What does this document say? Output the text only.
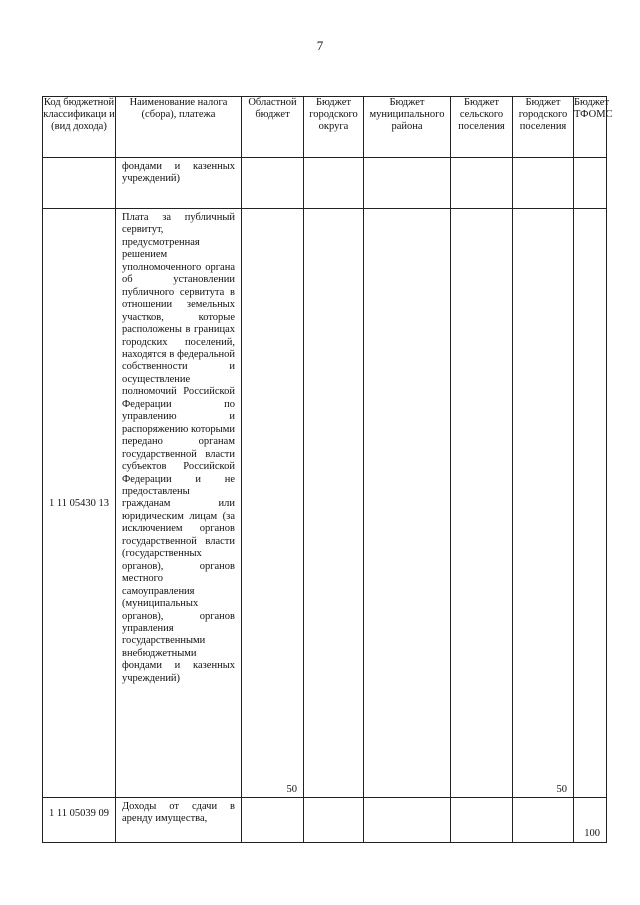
7
Код бюджетной классификаци и (вид дохода)	Наименование налога (сбора), платежа	Областной бюджет	Бюджет городского округа	Бюджет муниципального района	Бюджет сельского поселения	Бюджет городского поселения	Бюджет ТФОМС

	фондами и казенных учреждений)						

1 11 05430 13	Плата за публичный сервитут, предусмотренная решением уполномоченного органа об установлении публичного сервитута в отношении земельных участков, которые расположены в границах городских поселений, находятся в федеральной собственности и осуществление полномочий Российской Федерации по управлению и распоряжению которыми передано органам государственной власти субъектов Российской Федерации и не предоставлены гражданам или юридическим лицам (за исключением органов государственной власти (государственных органов), органов местного самоуправления (муниципальных органов), органов управления государственными внебюджетными фондами и казенных учреждений)	50				50	
1 11 05039 09	Доходы от сдачи в аренду имущества,						100
